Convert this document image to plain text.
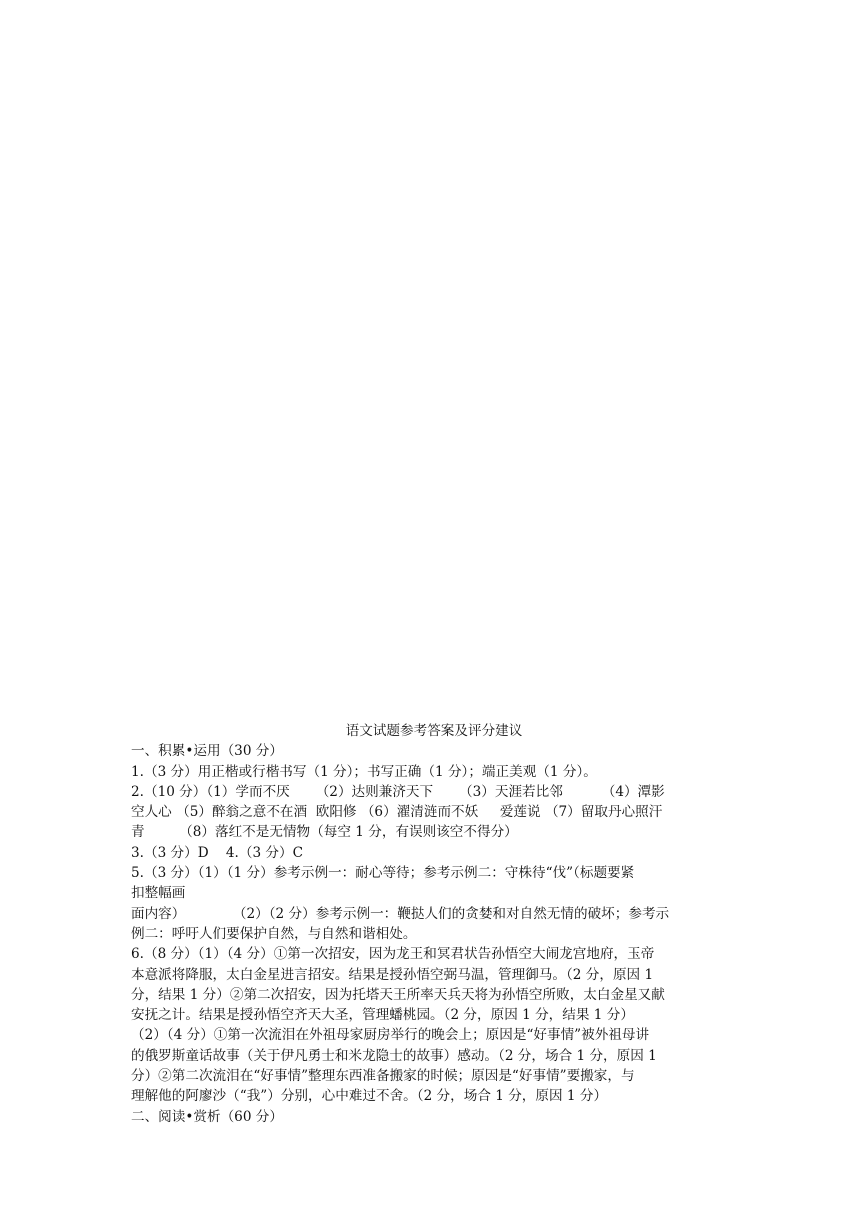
语文试题参考答案及评分建议
一、积累•运用（30 分）
1.（3 分）用正楷或行楷书写（1 分）；书写正确（1 分）；端正美观（1 分）。
2.（10 分）（1）学而不厌      （2）达则兼济天下      （3）天涯若比邻         （4）潭影
空人心 （5）醉翁之意不在酒  欧阳修 （6）濯清涟而不妖     爱莲说 （7）留取丹心照汗
青        （8）落红不是无情物（每空 1 分，有误则该空不得分）
3.（3 分）D    4.（3 分）C
5.（3 分）（1）（1 分）参考示例一：耐心等待；参考示例二：守株待“伐”（标题要紧
扣整幅画
面内容）           （2）（2 分）参考示例一：鞭挞人们的贪婪和对自然无情的破坏；参考示
例二：呼吁人们要保护自然，与自然和谐相处。
6.（8 分）（1）（4 分）①第一次招安，因为龙王和冥君状告孙悟空大闹龙宫地府，玉帝
本意派将降服，太白金星进言招安。结果是授孙悟空弼马温，管理御马。（2 分，原因 1
分，结果 1 分）②第二次招安，因为托塔天王所率天兵天将为孙悟空所败，太白金星又献
安抚之计。结果是授孙悟空齐天大圣，管理蟠桃园。（2 分，原因 1 分，结果 1 分）
（2）（4 分）①第一次流泪在外祖母家厨房举行的晚会上；原因是“好事情”被外祖母讲
的俄罗斯童话故事（关于伊凡勇士和米龙隐士的故事）感动。（2 分，场合 1 分，原因 1
分）②第二次流泪在“好事情”整理东西准备搬家的时候；原因是“好事情”要搬家，与
理解他的阿廖沙（“我”）分别，心中难过不舍。（2 分，场合 1 分，原因 1 分）
二、阅读•赏析（60 分）
